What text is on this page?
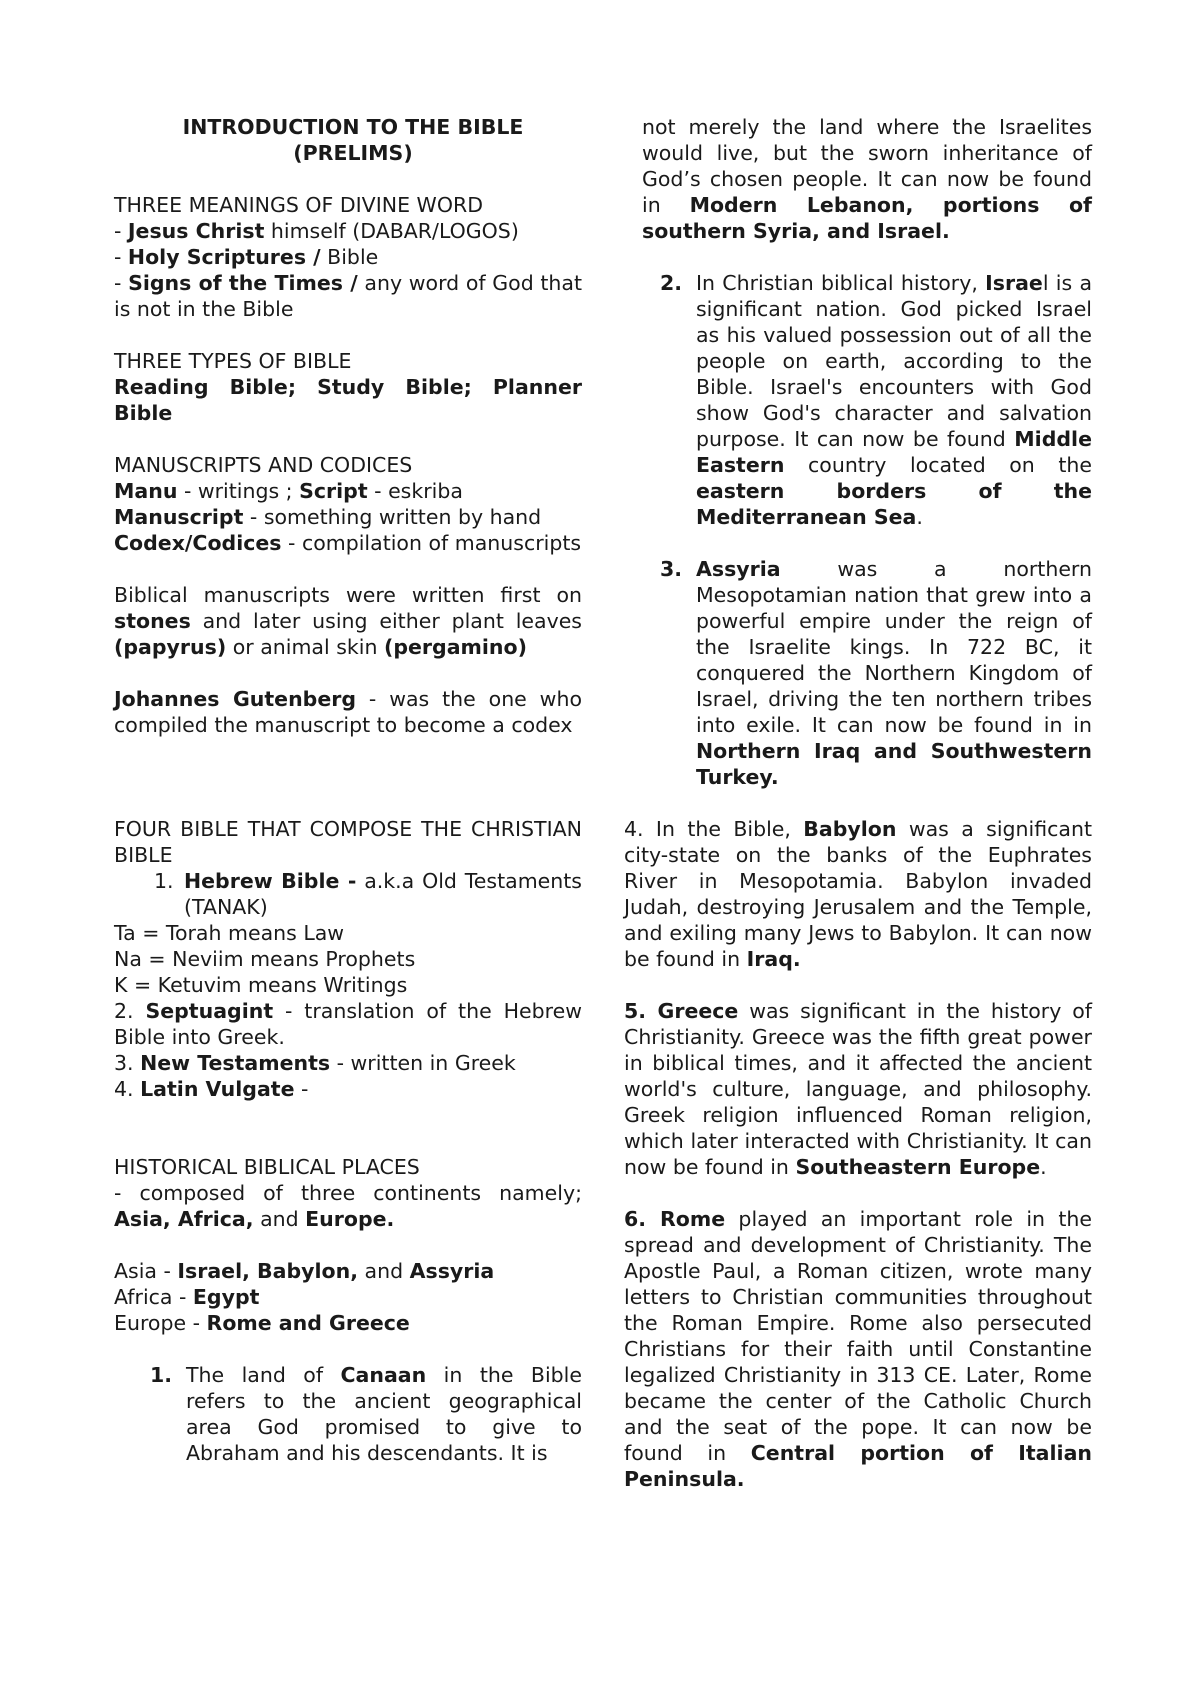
INTRODUCTION TO THE BIBLE

(PRELIMS)

THREE MEANINGS OF DIVINE WORD

- Jesus Christ himself (DABAR/LOGOS)

- Holy Scriptures / Bible

- Signs of the Times / any word of God that is not in the Bible

THREE TYPES OF BIBLE

Reading Bible; Study Bible; Planner Bible

MANUSCRIPTS AND CODICES

Manu - writings ; Script - eskriba

Manuscript - something written by hand

Codex/Codices - compilation of manuscripts

Biblical manuscripts were written first on stones and later using either plant leaves (papyrus) or animal skin (pergamino)

Johannes Gutenberg - was the one who compiled the manuscript to become a codex

FOUR BIBLE THAT COMPOSE THE CHRISTIAN BIBLE

1. Hebrew Bible - a.k.a Old Testaments (TANAK)

Ta = Torah means Law

Na = Neviim means Prophets

K = Ketuvim means Writings

2. Septuagint - translation of the Hebrew Bible into Greek.

3. New Testaments - written in Greek

4. Latin Vulgate -

HISTORICAL BIBLICAL PLACES

- composed of three continents namely; Asia, Africa, and Europe.

Asia - Israel, Babylon, and Assyria

Africa - Egypt

Europe - Rome and Greece

1. The land of Canaan in the Bible refers to the ancient geographical area God promised to give to Abraham and his descendants. It is
not merely the land where the Israelites would live, but the sworn inheritance of God’s chosen people. It can now be found in Modern Lebanon, portions of southern Syria, and Israel.
2. In Christian biblical history, Israel is a significant nation. God picked Israel as his valued possession out of all the people on earth, according to the Bible. Israel's encounters with God show God's character and salvation purpose. It can now be found Middle Eastern country located on the eastern borders of the Mediterranean Sea.
3. Assyria was a northern Mesopotamian nation that grew into a powerful empire under the reign of the Israelite kings. In 722 BC, it conquered the Northern Kingdom of Israel, driving the ten northern tribes into exile. It can now be found in in Northern Iraq and Southwestern Turkey.

4. In the Bible, Babylon was a significant city-state on the banks of the Euphrates River in Mesopotamia. Babylon invaded Judah, destroying Jerusalem and the Temple, and exiling many Jews to Babylon. It can now be found in Iraq.

5. Greece was significant in the history of Christianity. Greece was the fifth great power in biblical times, and it affected the ancient world's culture, language, and philosophy. Greek religion influenced Roman religion, which later interacted with Christianity. It can now be found in Southeastern Europe.

6. Rome played an important role in the spread and development of Christianity. The Apostle Paul, a Roman citizen, wrote many letters to Christian communities throughout the Roman Empire. Rome also persecuted Christians for their faith until Constantine legalized Christianity in 313 CE. Later, Rome became the center of the Catholic Church and the seat of the pope. It can now be found in Central portion of Italian Peninsula.
